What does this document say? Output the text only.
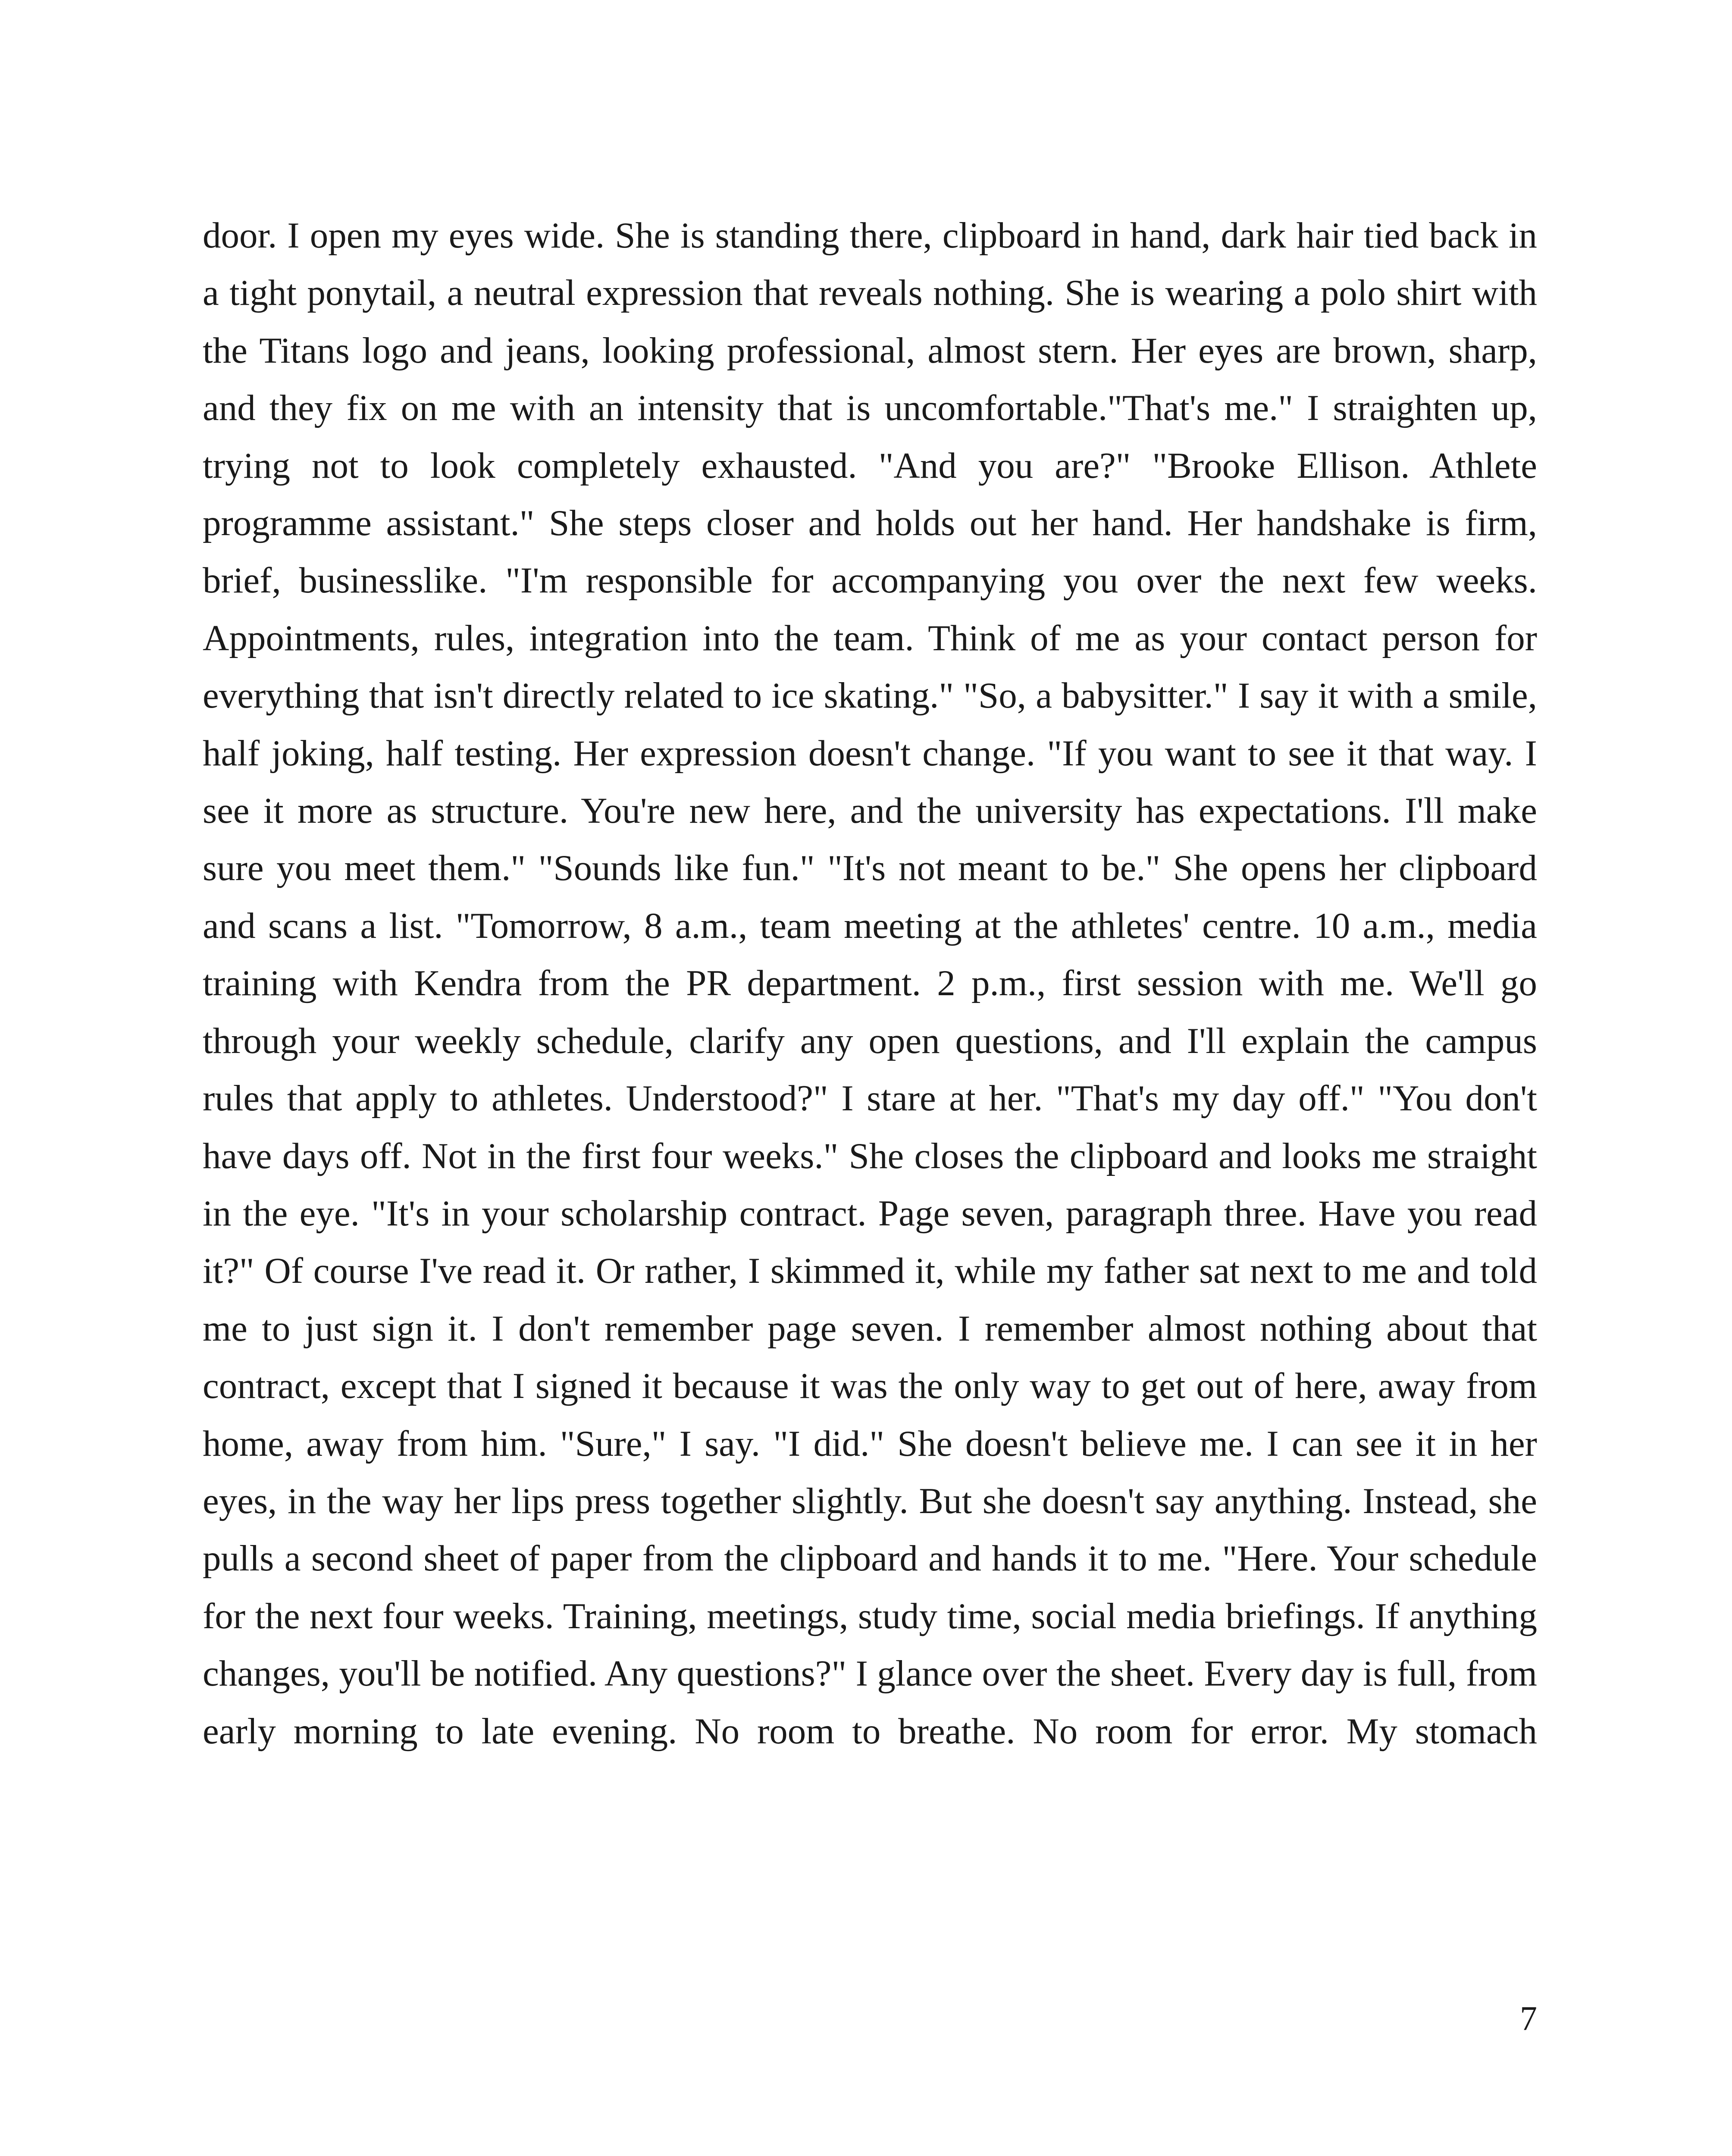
door. I open my eyes wide. She is standing there, clipboard in hand, dark hair tied back in a tight ponytail, a neutral expression that reveals nothing. She is wearing a polo shirt with the Titans logo and jeans, looking professional, almost stern. Her eyes are brown, sharp, and they fix on me with an intensity that is uncomfortable."That's me." I straighten up, trying not to look completely exhausted. "And you are?" "Brooke Ellison. Athlete programme assistant." She steps closer and holds out her hand. Her handshake is firm, brief, businesslike. "I'm responsible for accompanying you over the next few weeks. Appointments, rules, integration into the team. Think of me as your contact person for everything that isn't directly related to ice skating." "So, a babysitter." I say it with a smile, half joking, half testing. Her expression doesn't change. "If you want to see it that way. I see it more as structure. You're new here, and the university has expectations. I'll make sure you meet them." "Sounds like fun." "It's not meant to be." She opens her clipboard and scans a list. "Tomorrow, 8 a.m., team meeting at the athletes' centre. 10 a.m., media training with Kendra from the PR department. 2 p.m., first session with me. We'll go through your weekly schedule, clarify any open questions, and I'll explain the campus rules that apply to athletes. Understood?" I stare at her. "That's my day off." "You don't have days off. Not in the first four weeks." She closes the clipboard and looks me straight in the eye. "It's in your scholarship contract. Page seven, paragraph three. Have you read it?" Of course I've read it. Or rather, I skimmed it, while my father sat next to me and told me to just sign it. I don't remember page seven. I remember almost nothing about that contract, except that I signed it because it was the only way to get out of here, away from home, away from him. "Sure," I say. "I did." She doesn't believe me. I can see it in her eyes, in the way her lips press together slightly. But she doesn't say anything. Instead, she pulls a second sheet of paper from the clipboard and hands it to me. "Here. Your schedule for the next four weeks. Training, meetings, study time, social media briefings. If anything changes, you'll be notified. Any questions?" I glance over the sheet. Every day is full, from early morning to late evening. No room to breathe. No room for error. My stomach

7
